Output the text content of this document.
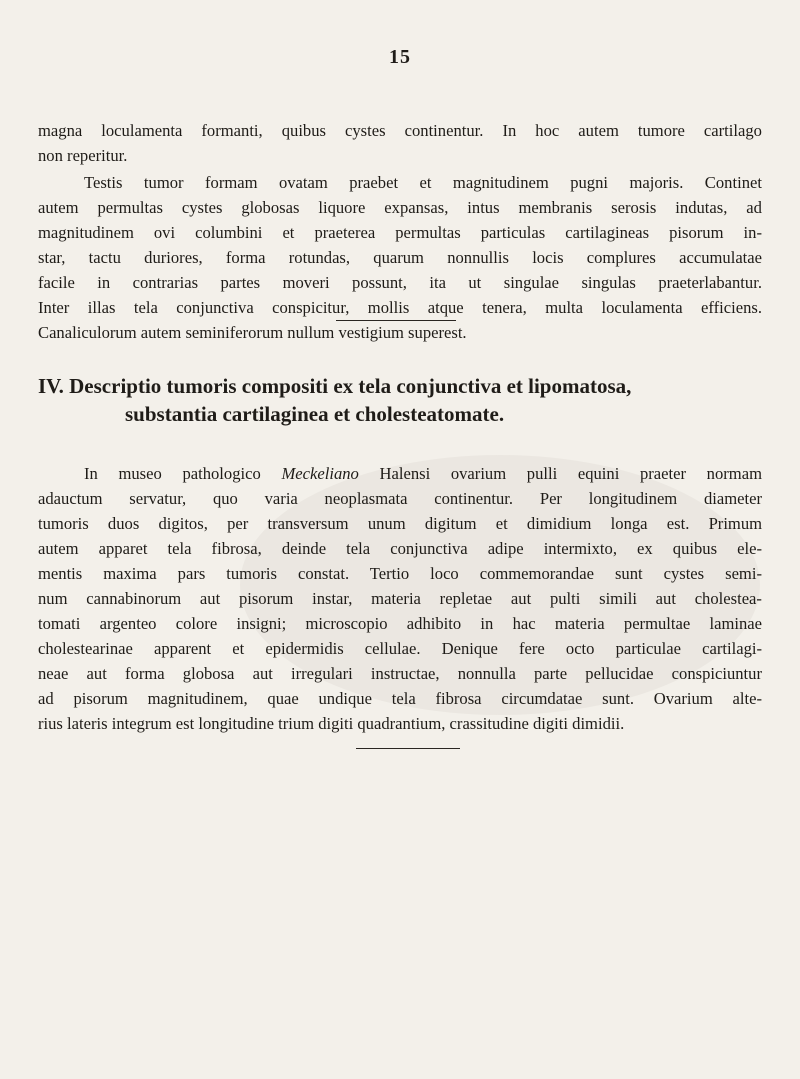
15
magna loculamenta formanti, quibus cystes continentur. In hoc autem tumore cartilago
non reperitur.
Testis tumor formam ovatam praebet et magnitudinem pugni majoris. Continet
autem permultas cystes globosas liquore expansas, intus membranis serosis indutas, ad
magnitudinem ovi columbini et praeterea permultas particulas cartilagineas pisorum in-
star, tactu duriores, forma rotundas, quarum nonnullis locis complures accumulatae
facile in contrarias partes moveri possunt, ita ut singulae singulas praeterlabantur.
Inter illas tela conjunctiva conspicitur, mollis atque tenera, multa loculamenta efficiens.
Canaliculorum autem seminiferorum nullum vestigium superest.
IV. Descriptio tumoris compositi ex tela conjunctiva et lipomatosa,
substantia cartilaginea et cholesteatomate.
In museo pathologico Meckeliano Halensi ovarium pulli equini praeter normam
adauctum servatur, quo varia neoplasmata continentur. Per longitudinem diameter
tumoris duos digitos, per transversum unum digitum et dimidium longa est. Primum
autem apparet tela fibrosa, deinde tela conjunctiva adipe intermixto, ex quibus ele-
mentis maxima pars tumoris constat. Tertio loco commemorandae sunt cystes semi-
num cannabinorum aut pisorum instar, materia repletae aut pulti simili aut cholestea-
tomati argenteo colore insigni; microscopio adhibito in hac materia permultae laminae
cholestearinae apparent et epidermidis cellulae. Denique fere octo particulae cartilagi-
neae aut forma globosa aut irregulari instructae, nonnulla parte pellucidae conspiciuntur
ad pisorum magnitudinem, quae undique tela fibrosa circumdatae sunt. Ovarium alte-
rius lateris integrum est longitudine trium digiti quadrantium, crassitudine digiti dimidii.
